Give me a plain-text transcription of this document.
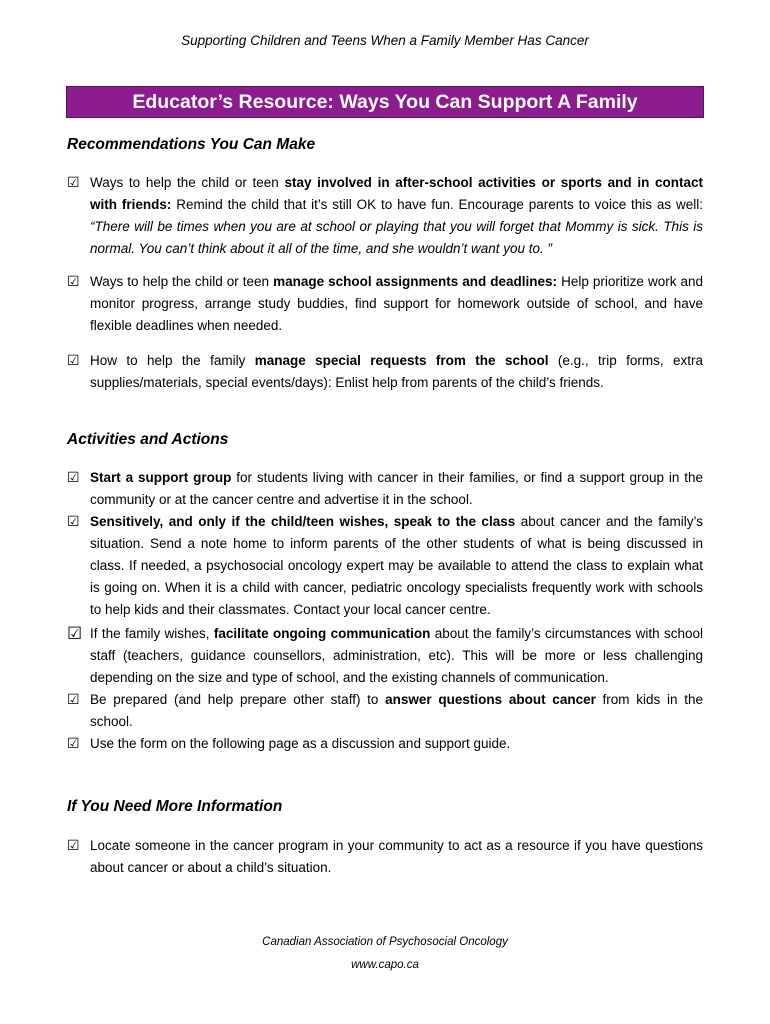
Supporting Children and Teens When a Family Member Has Cancer
Educator’s Resource: Ways You Can Support A Family
Recommendations You Can Make
☑ Ways to help the child or teen stay involved in after-school activities or sports and in contact with friends: Remind the child that it’s still OK to have fun. Encourage parents to voice this as well: “There will be times when you are at school or playing that you will forget that Mommy is sick. This is normal. You can’t think about it all of the time, and she wouldn’t want you to. ”
☑ Ways to help the child or teen manage school assignments and deadlines: Help prioritize work and monitor progress, arrange study buddies, find support for homework outside of school, and have flexible deadlines when needed.
☑ How to help the family manage special requests from the school (e.g., trip forms, extra supplies/materials, special events/days): Enlist help from parents of the child’s friends.
Activities and Actions
☑ Start a support group for students living with cancer in their families, or find a support group in the community or at the cancer centre and advertise it in the school.
☑ Sensitively, and only if the child/teen wishes, speak to the class about cancer and the family’s situation. Send a note home to inform parents of the other students of what is being discussed in class. If needed, a psychosocial oncology expert may be available to attend the class to explain what is going on. When it is a child with cancer, pediatric oncology specialists frequently work with schools to help kids and their classmates. Contact your local cancer centre.
☑ If the family wishes, facilitate ongoing communication about the family’s circumstances with school staff (teachers, guidance counsellors, administration, etc). This will be more or less challenging depending on the size and type of school, and the existing channels of communication.
☑ Be prepared (and help prepare other staff) to answer questions about cancer from kids in the school.
☑ Use the form on the following page as a discussion and support guide.
If You Need More Information
☑ Locate someone in the cancer program in your community to act as a resource if you have questions about cancer or about a child’s situation.
Canadian Association of Psychosocial Oncology
www.capo.ca
